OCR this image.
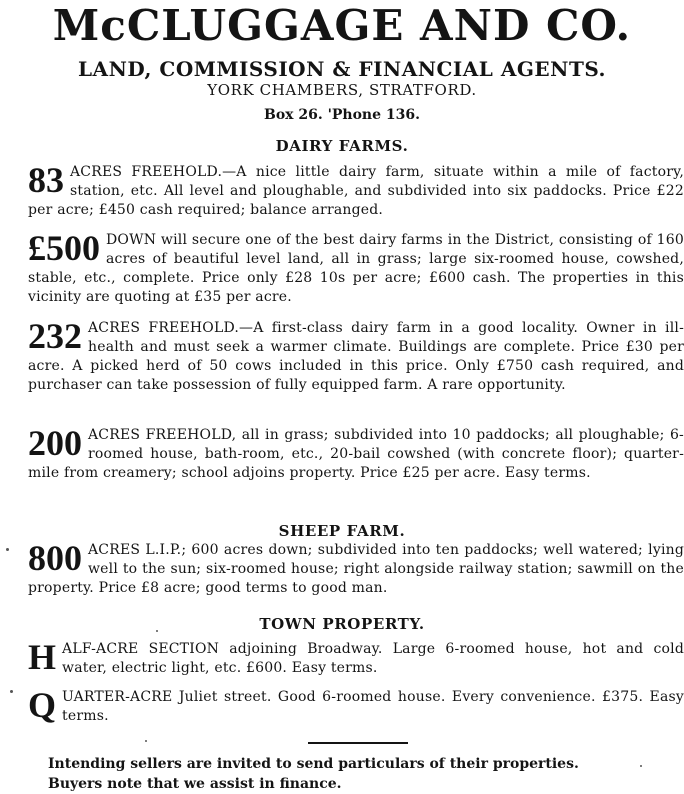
McCLUGGAGE AND CO.
LAND, COMMISSION & FINANCIAL AGENTS.
YORK CHAMBERS, STRATFORD.
Box 26. 'Phone 136.
DAIRY FARMS.
83 ACRES FREEHOLD.—A nice little dairy farm, situate within a mile of factory, station, etc. All level and ploughable, and subdivided into six paddocks. Price £22 per acre; £450 cash required; balance arranged.
£500 DOWN will secure one of the best dairy farms in the District, consisting of 160 acres of beautiful level land, all in grass; large six-roomed house, cowshed, stable, etc., complete. Price only £28 10s per acre; £600 cash. The properties in this vicinity are quoting at £35 per acre.
232 ACRES FREEHOLD.—A first-class dairy farm in a good locality. Owner in ill-health and must seek a warmer climate. Buildings are complete. Price £30 per acre. A picked herd of 50 cows included in this price. Only £750 cash required, and purchaser can take possession of fully equipped farm. A rare opportunity.
200 ACRES FREEHOLD, all in grass; subdivided into 10 paddocks; all ploughable; 6-roomed house, bath-room, etc., 20-bail cowshed (with concrete floor); quarter-mile from creamery; school adjoins property. Price £25 per acre. Easy terms.
SHEEP FARM.
800 ACRES L.I.P.; 600 acres down; subdivided into ten paddocks; well watered; lying well to the sun; six-roomed house; right alongside railway station; sawmill on the property. Price £8 acre; good terms to good man.
TOWN PROPERTY.
H ALF-ACRE SECTION adjoining Broadway. Large 6-roomed house, hot and cold water, electric light, etc. £600. Easy terms.
Q UARTER-ACRE Juliet street. Good 6-roomed house. Every convenience. £375. Easy terms.
Intending sellers are invited to send particulars of their properties.
Buyers note that we assist in finance.
